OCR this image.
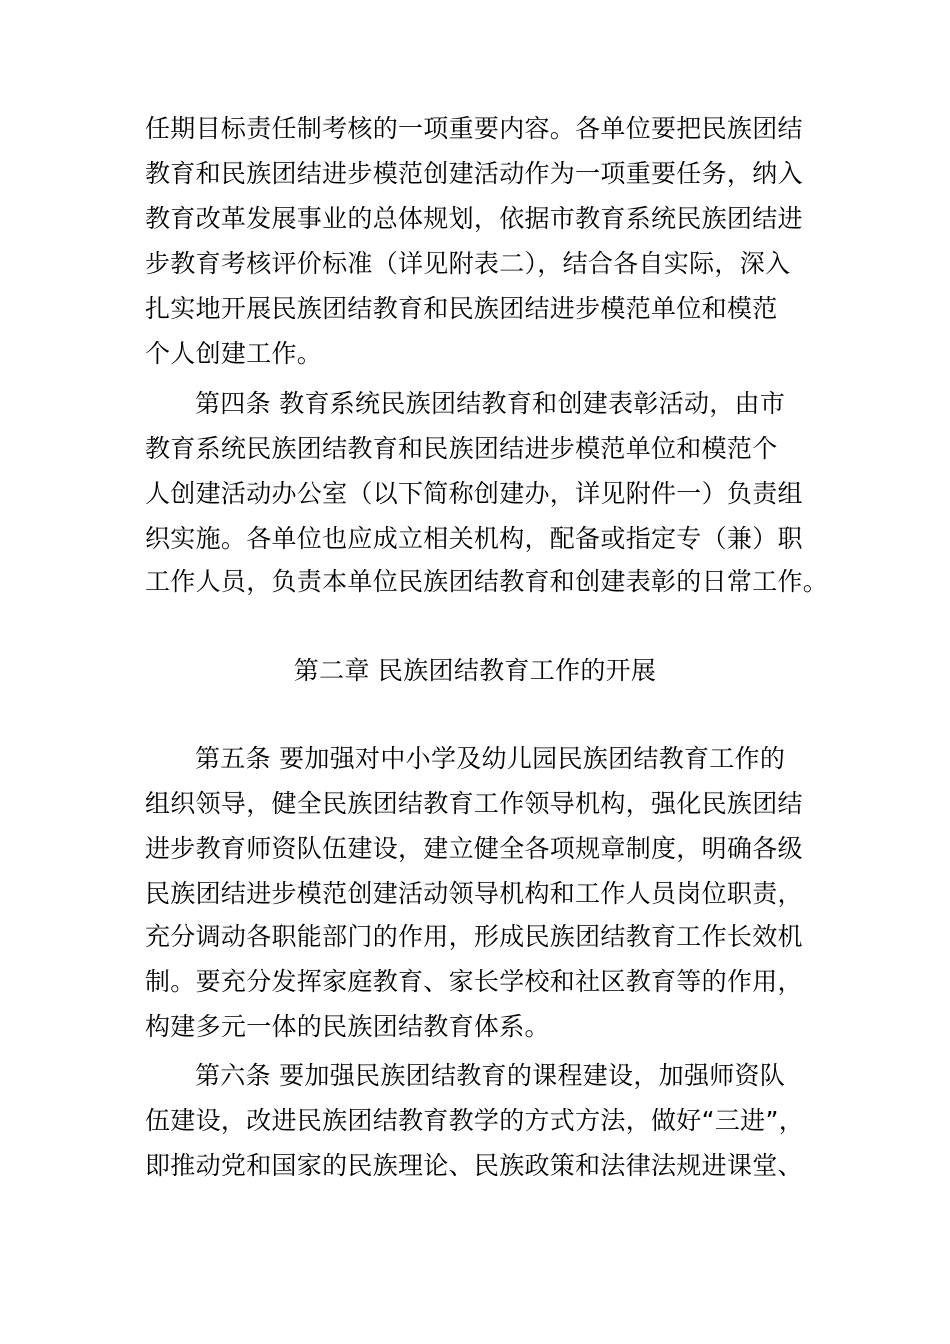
任期目标责任制考核的一项重要内容。各单位要把民族团结
教育和民族团结进步模范创建活动作为一项重要任务，纳入
教育改革发展事业的总体规划，依据市教育系统民族团结进
步教育考核评价标准（详见附表二），结合各自实际，深入
扎实地开展民族团结教育和民族团结进步模范单位和模范
个人创建工作。
第四条 教育系统民族团结教育和创建表彰活动，由市
教育系统民族团结教育和民族团结进步模范单位和模范个
人创建活动办公室（以下简称创建办，详见附件一）负责组
织实施。各单位也应成立相关机构，配备或指定专（兼）职
工作人员，负责本单位民族团结教育和创建表彰的日常工作。
第二章 民族团结教育工作的开展
第五条 要加强对中小学及幼儿园民族团结教育工作的
组织领导，健全民族团结教育工作领导机构，强化民族团结
进步教育师资队伍建设，建立健全各项规章制度，明确各级
民族团结进步模范创建活动领导机构和工作人员岗位职责，
充分调动各职能部门的作用，形成民族团结教育工作长效机
制。要充分发挥家庭教育、家长学校和社区教育等的作用，
构建多元一体的民族团结教育体系。
第六条 要加强民族团结教育的课程建设，加强师资队
伍建设，改进民族团结教育教学的方式方法，做好“三进”，
即推动党和国家的民族理论、民族政策和法律法规进课堂、
